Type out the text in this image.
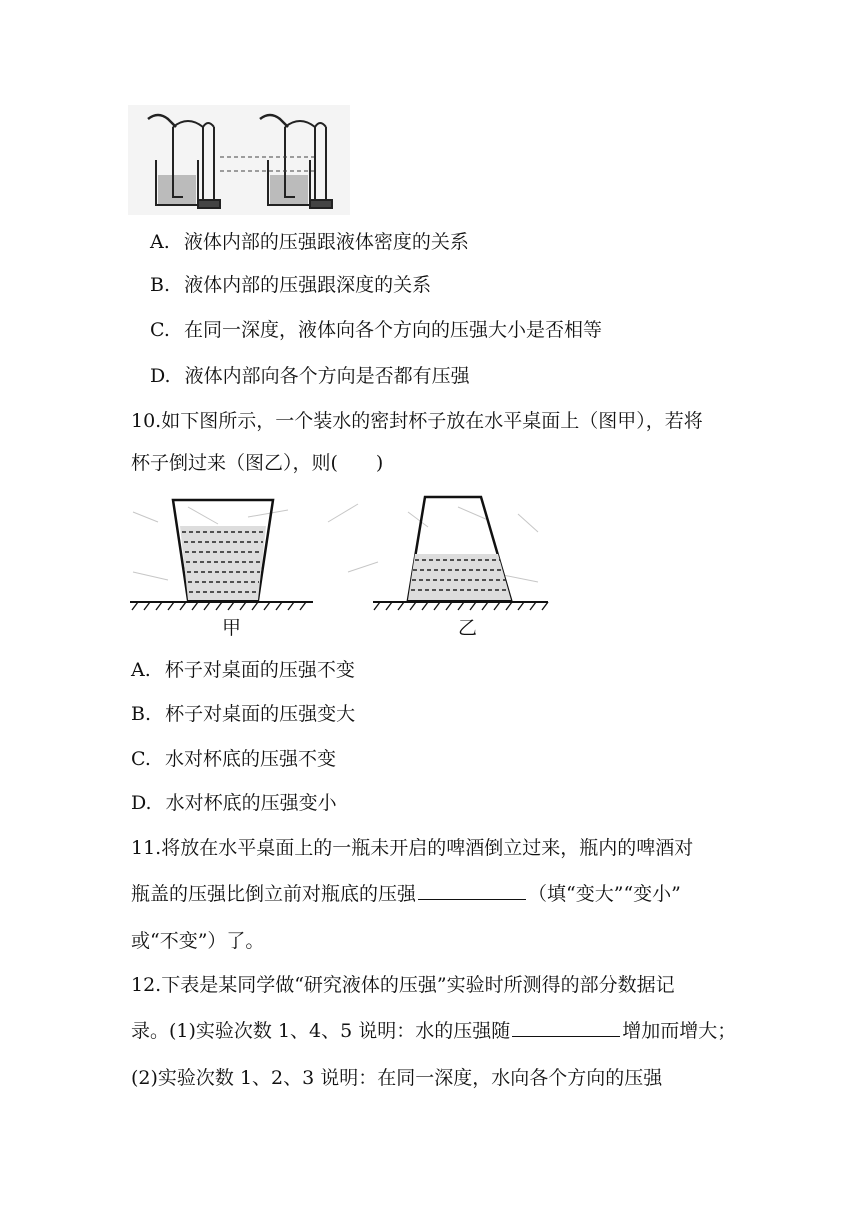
A. 液体内部的压强跟液体密度的关系
B. 液体内部的压强跟深度的关系
C. 在同一深度，液体向各个方向的压强大小是否相等
D. 液体内部向各个方向是否都有压强
10.如下图所示，一个装水的密封杯子放在水平桌面上（图甲），若将
杯子倒过来（图乙），则(　　)
甲	乙
A. 杯子对桌面的压强不变
B. 杯子对桌面的压强变大
C. 水对杯底的压强不变
D. 水对杯底的压强变小
11.将放在水平桌面上的一瓶未开启的啤酒倒立过来，瓶内的啤酒对
瓶盖的压强比倒立前对瓶底的压强	（填“变大”“变小”
或“不变”）了。
12.下表是某同学做“研究液体的压强”实验时所测得的部分数据记
录。(1)实验次数 1、4、5 说明：水的压强随	增加而增大；
(2)实验次数 1、2、3 说明：在同一深度，水向各个方向的压强
